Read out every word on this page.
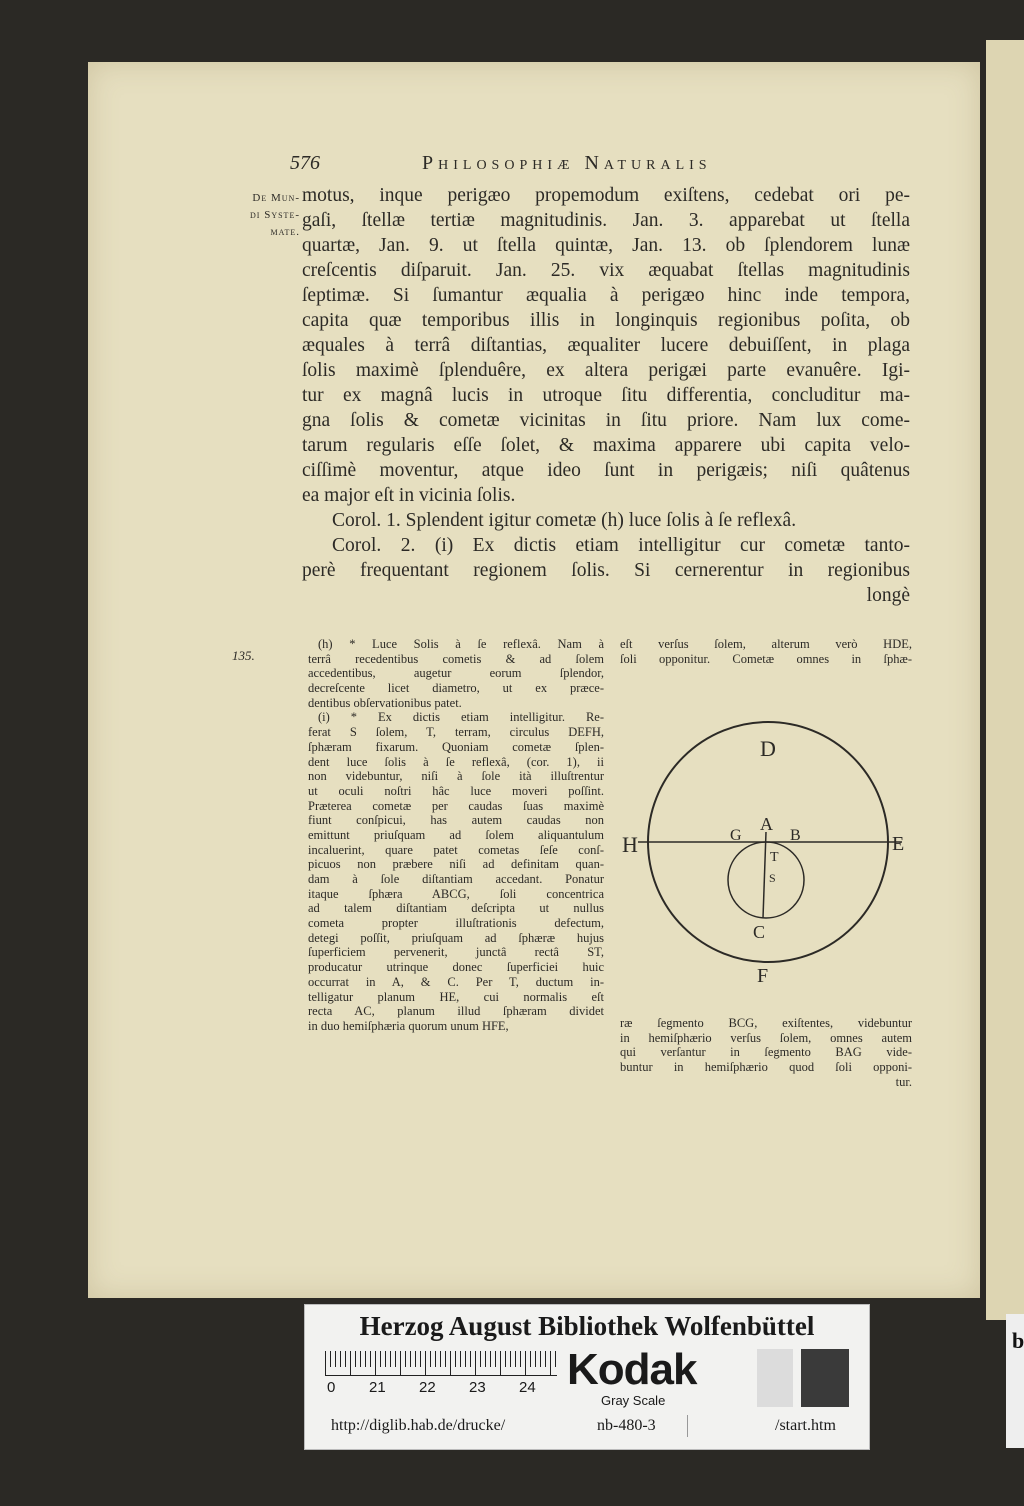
576	Philosophiæ Naturalis
De Mun-
di Syste-
mate.
motus, inque perigæo propemodum exiſtens, cedebat ori pe-
gaſi, ſtellæ tertiæ magnitudinis. Jan. 3. apparebat ut ſtella
quartæ, Jan. 9. ut ſtella quintæ, Jan. 13. ob ſplendorem lunæ
creſcentis diſparuit. Jan. 25. vix æquabat ſtellas magnitudinis
ſeptimæ. Si ſumantur æqualia à perigæo hinc inde tempora,
capita quæ temporibus illis in longinquis regionibus poſita, ob
æquales à terrâ diſtantias, æqualiter lucere debuiſſent, in plaga
ſolis maximè ſplenduêre, ex altera perigæi parte evanuêre. Igi-
tur ex magnâ lucis in utroque ſitu differentia, concluditur ma-
gna ſolis & cometæ vicinitas in ſitu priore. Nam lux come-
tarum regularis eſſe ſolet, & maxima apparere ubi capita velo-
ciſſimè moventur, atque ideo ſunt in perigæis; niſi quâtenus
ea major eſt in vicinia ſolis.
Corol. 1. Splendent igitur cometæ (h) luce ſolis à ſe reflexâ.
Corol. 2. (i) Ex dictis etiam intelligitur cur cometæ tanto-
perè frequentant regionem ſolis. Si cernerentur in regionibus
longè
135.
(h) * Luce Solis à ſe reflexâ. Nam à
terrâ recedentibus cometis & ad ſolem
accedentibus, augetur eorum ſplendor,
decreſcente licet diametro, ut ex præce-
dentibus obſervationibus patet.
(i) * Ex dictis etiam intelligitur. Re-
ferat S ſolem, T, terram, circulus DEFH,
ſphæram fixarum. Quoniam cometæ ſplen-
dent luce ſolis à ſe reflexâ, (cor. 1), ii
non videbuntur, niſi à ſole ità illuſtrentur
ut oculi noſtri hâc luce moveri poſſint.
Præterea cometæ per caudas ſuas maximè
fiunt conſpicui, has autem caudas non
emittunt priuſquam ad ſolem aliquantulum
incaluerint, quare patet cometas ſeſe conſ-
picuos non præbere niſi ad definitam quan-
dam à ſole diſtantiam accedant. Ponatur
itaque ſphæra ABCG, ſoli concentrica
ad talem diſtantiam deſcripta ut nullus
cometa propter illuſtrationis defectum,
detegi poſſit, priuſquam ad ſphæræ hujus
ſuperficiem pervenerit, junctâ rectâ ST,
producatur utrinque donec ſuperficiei huic
occurrat in A, & C. Per T, ductum in-
telligatur planum HE, cui normalis eſt
recta AC, planum illud ſphæram dividet
in duo hemiſphæria quorum unum HFE,
eſt verſus ſolem, alterum verò HDE,
ſoli opponitur. Cometæ omnes in ſphæ-
D
H	E
F
A
B
G
T
S
C
ræ ſegmento BCG, exiſtentes, videbuntur
in hemiſphærio verſus ſolem, omnes autem
qui verſantur in ſegmento BAG vide-
buntur in hemiſphærio quod ſoli opponi-
tur.
Herzog August Bibliothek Wolfenbüttel
0 21 22 23 24 Kodak
Gray Scale
http://diglib.hab.de/drucke/	nb-480-3	/start.htm
b
